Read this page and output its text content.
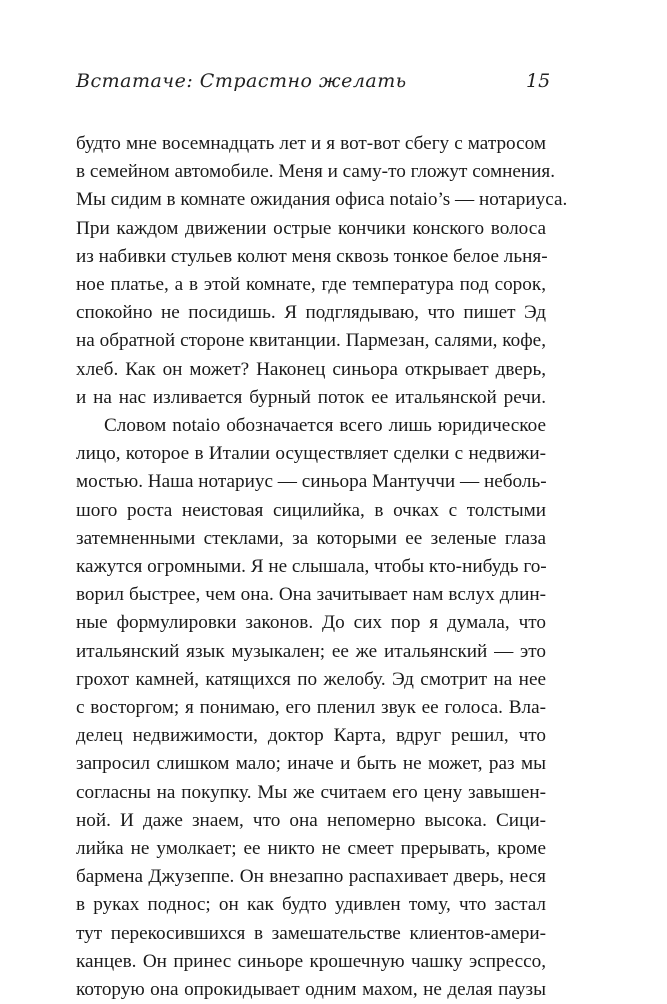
Вcтатаче: Страстно желать	15
будто мне восемнадцать лет и я вот-вот сбегу с матросом
в семейном автомобиле. Меня и саму-то гложут сомнения.
Мы сидим в комнате ожидания офиса notaio’s — нотариуса.
При каждом движении острые кончики конского волоса
из набивки стульев колют меня сквозь тонкое белое льня-
ное платье, а в этой комнате, где температура под сорок,
спокойно не посидишь. Я подглядываю, что пишет Эд
на обратной стороне квитанции. Пармезан, салями, кофе,
хлеб. Как он может? Наконец синьора открывает дверь,
и на нас изливается бурный поток ее итальянской речи.
Словом notaio обозначается всего лишь юридическое
лицо, которое в Италии осуществляет сделки с недвижи-
мостью. Наша нотариус — синьора Мантуччи — неболь-
шого роста неистовая сицилийка, в очках с толстыми
затемненными стеклами, за которыми ее зеленые глаза
кажутся огромными. Я не слышала, чтобы кто-нибудь го-
ворил быстрее, чем она. Она зачитывает нам вслух длин-
ные формулировки законов. До сих пор я думала, что
итальянский язык музыкален; ее же итальянский — это
грохот камней, катящихся по желобу. Эд смотрит на нее
с восторгом; я понимаю, его пленил звук ее голоса. Вла-
делец недвижимости, доктор Карта, вдруг решил, что
запросил слишком мало; иначе и быть не может, раз мы
согласны на покупку. Мы же считаем его цену завышен-
ной. И даже знаем, что она непомерно высока. Сици-
лийка не умолкает; ее никто не смеет прерывать, кроме
бармена Джузеппе. Он внезапно распахивает дверь, неся
в руках поднос; он как будто удивлен тому, что застал
тут перекосившихся в замешательстве клиентов-амери-
канцев. Он принес синьоре крошечную чашку эспрессо,
которую она опрокидывает одним махом, не делая паузы
